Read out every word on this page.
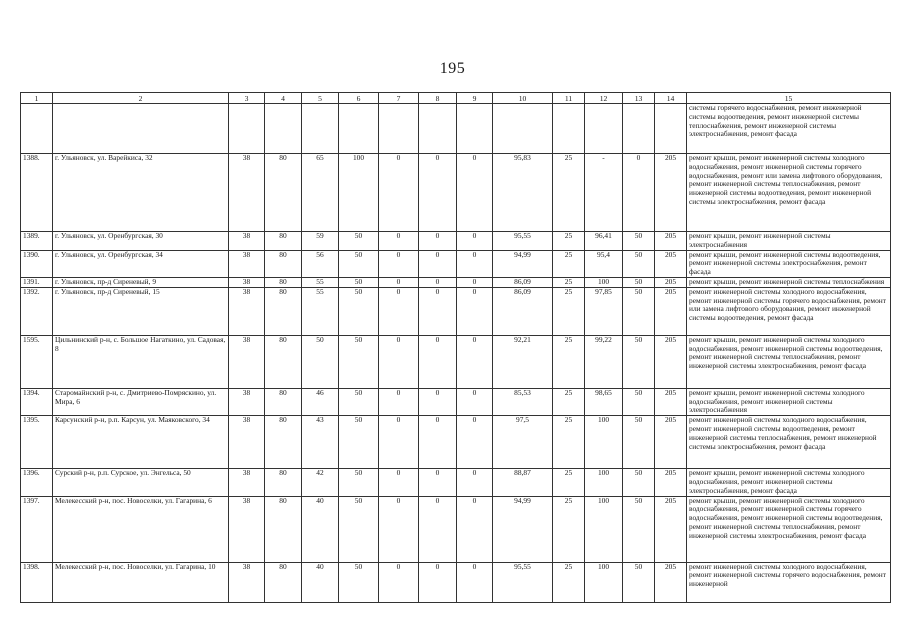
195
1	2	3	4	5	6	7	8	9	10	11	12	13	14	15
														системы горячего водоснабжения, ремонт инженерной системы водоотведения, ремонт инженерной системы теплоснабжения, ремонт инженерной системы электроснабжения, ремонт фасада
1388.	г. Ульяновск, ул. Варейкиса, 32	38	80	65	100	0	0	0	95,83	25	-	0	205	ремонт крыши, ремонт инженерной системы холодного водоснабжения, ремонт инженерной системы горячего водоснабжения, ремонт или замена лифтового оборудования, ремонт инженерной системы теплоснабжения, ремонт инженерной системы водоотведения, ремонт инженерной системы электроснабжения, ремонт фасада
1389.	г. Ульяновск, ул. Оренбургская, 30	38	80	59	50	0	0	0	95,55	25	96,41	50	205	ремонт крыши, ремонт инженерной системы электроснабжения
1390.	г. Ульяновск, ул. Оренбургская, 34	38	80	56	50	0	0	0	94,99	25	95,4	50	205	ремонт крыши, ремонт инженерной системы водоотведения, ремонт инженерной системы электроснабжения, ремонт фасада
1391.	г. Ульяновск, пр-д Сиреневый, 9	38	80	55	50	0	0	0	86,09	25	100	50	205	ремонт крыши, ремонт инженерной системы теплоснабжения
1392.	г. Ульяновск, пр-д Сиреневый, 15	38	80	55	50	0	0	0	86,09	25	97,85	50	205	ремонт инженерной системы холодного водоснабжения, ремонт инженерной системы горячего водоснабжения, ремонт или замена лифтового оборудования, ремонт инженерной системы водоотведения, ремонт фасада
1595.	Цильнинский р-н, с. Большое Нагаткино, ул. Садовая, 8	38	80	50	50	0	0	0	92,21	25	99,22	50	205	ремонт крыши, ремонт инженерной системы холодного водоснабжения, ремонт инженерной системы водоотведения, ремонт инженерной системы теплоснабжения, ремонт инженерной системы электроснабжения, ремонт фасада
1394.	Старомайнский р-н, с. Дмитриево-Помряскино, ул. Мира, 6	38	80	46	50	0	0	0	85,53	25	98,65	50	205	ремонт крыши, ремонт инженерной системы холодного водоснабжения, ремонт инженерной системы электроснабжения
1395.	Карсунский р-н, р.п. Карсун, ул. Маяковского, 34	38	80	43	50	0	0	0	97,5	25	100	50	205	ремонт инженерной системы холодного водоснабжения, ремонт инженерной системы водоотведения, ремонт инженерной системы теплоснабжения, ремонт инженерной системы электроснабжения, ремонт фасада
1396.	Сурский р-н, р.п. Сурское, ул. Энгельса, 50	38	80	42	50	0	0	0	88,87	25	100	50	205	ремонт крыши, ремонт инженерной системы холодного водоснабжения, ремонт инженерной системы электроснабжения, ремонт фасада
1397.	Мелекесский р-н, пос. Новоселки, ул. Гагарина, 6	38	80	40	50	0	0	0	94,99	25	100	50	205	ремонт крыши, ремонт инженерной системы холодного водоснабжения, ремонт инженерной системы горячего водоснабжения, ремонт инженерной системы водоотведения, ремонт инженерной системы теплоснабжения, ремонт инженерной системы электроснабжения, ремонт фасада
1398.	Мелекесский р-н, пос. Новоселки, ул. Гагарина, 10	38	80	40	50	0	0	0	95,55	25	100	50	205	ремонт инженерной системы холодного водоснабжения, ремонт инженерной системы горячего водоснабжения, ремонт инженерной
